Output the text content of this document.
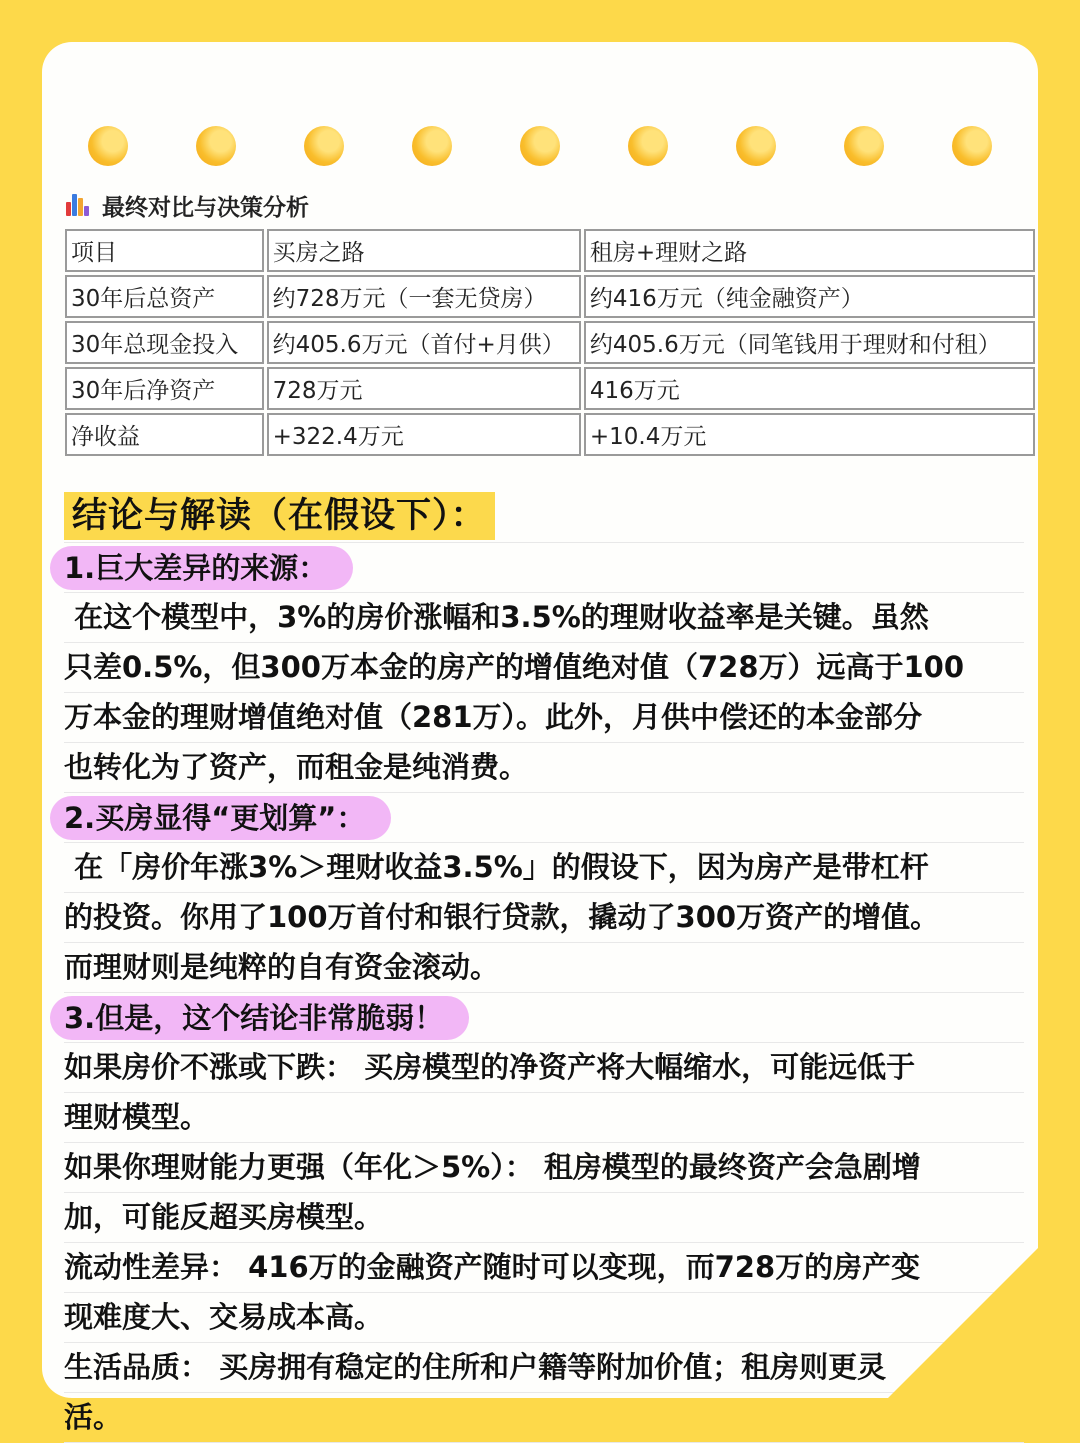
最终对比与决策分析
项目	买房之路	租房+理财之路
30年后总资产	约728万元（一套无贷房）	约416万元（纯金融资产）
30年总现金投入	约405.6万元（首付+月供）	约405.6万元（同笔钱用于理财和付租）
30年后净资产	728万元	416万元
净收益	+322.4万元	+10.4万元
结论与解读（在假设下）：
1.巨大差异的来源：
在这个模型中，3%的房价涨幅和3.5%的理财收益率是关键。虽然
只差0.5%，但300万本金的房产的增值绝对值（728万）远高于100
万本金的理财增值绝对值（281万）。此外，月供中偿还的本金部分
也转化为了资产，而租金是纯消费。
2.买房显得“更划算”：
在「房价年涨3%＞理财收益3.5%」的假设下，因为房产是带杠杆
的投资。你用了100万首付和银行贷款，撬动了300万资产的增值。
而理财则是纯粹的自有资金滚动。
3.但是，这个结论非常脆弱！
如果房价不涨或下跌： 买房模型的净资产将大幅缩水，可能远低于
理财模型。
如果你理财能力更强（年化＞5%）： 租房模型的最终资产会急剧增
加，可能反超买房模型。
流动性差异： 416万的金融资产随时可以变现，而728万的房产变
现难度大、交易成本高。
生活品质： 买房拥有稳定的住所和户籍等附加价值；租房则更灵
活。
